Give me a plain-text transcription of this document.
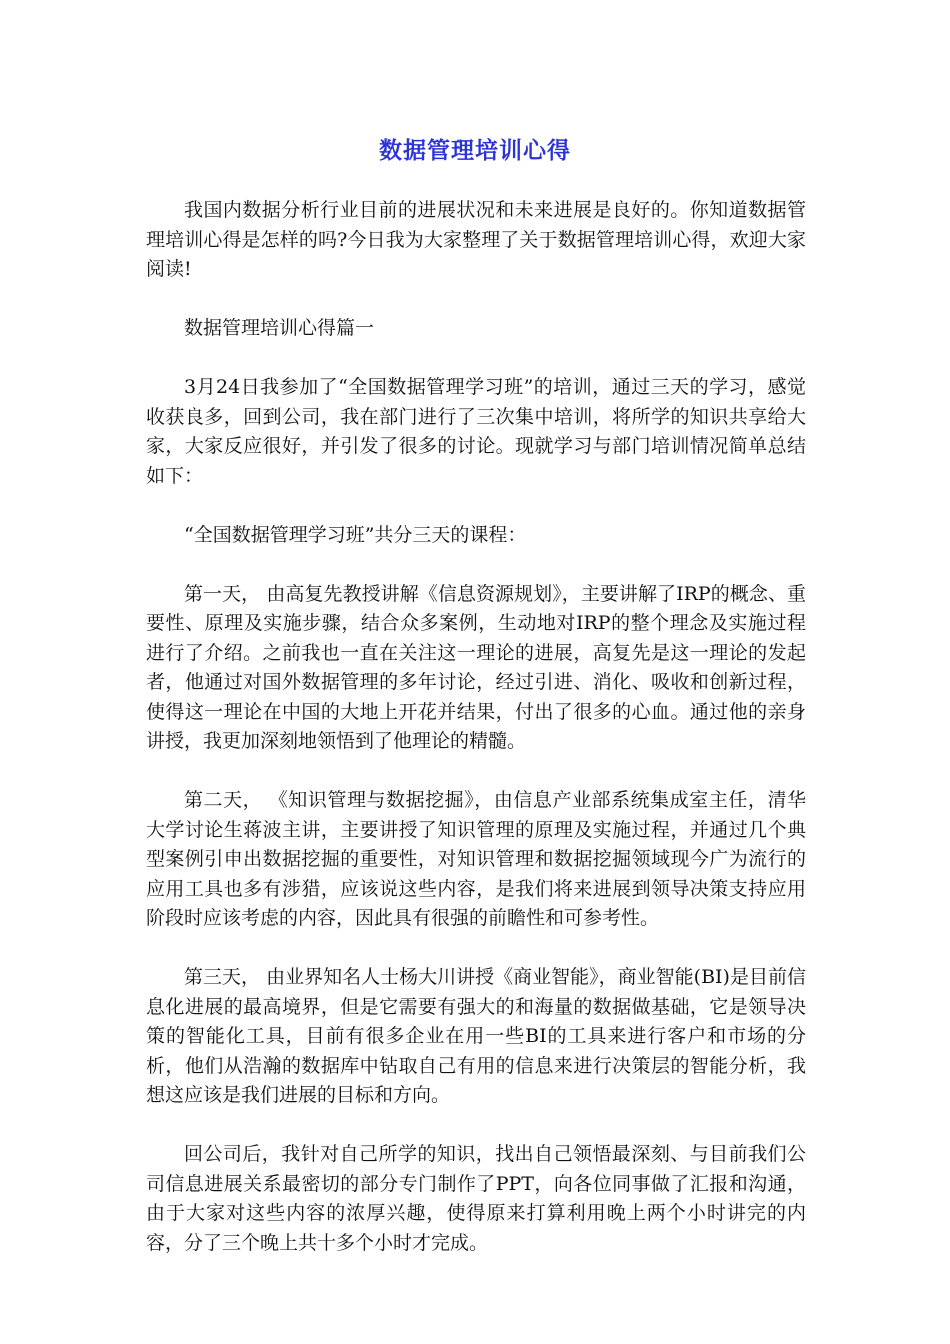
数据管理培训心得

我国内数据分析行业目前的进展状况和未来进展是良好的。你知道数据管理培训心得是怎样的吗?今日我为大家整理了关于数据管理培训心得，欢迎大家阅读!

数据管理培训心得篇一

3月24日我参加了“全国数据管理学习班”的培训，通过三天的学习，感觉收获良多，回到公司，我在部门进行了三次集中培训，将所学的知识共享给大家，大家反应很好，并引发了很多的讨论。现就学习与部门培训情况简单总结如下：

“全国数据管理学习班”共分三天的课程：

第一天， 由高复先教授讲解《信息资源规划》，主要讲解了IRP的概念、重要性、原理及实施步骤，结合众多案例，生动地对IRP的整个理念及实施过程进行了介绍。之前我也一直在关注这一理论的进展，高复先是这一理论的发起者，他通过对国外数据管理的多年讨论，经过引进、消化、吸收和创新过程，使得这一理论在中国的大地上开花并结果，付出了很多的心血。通过他的亲身讲授，我更加深刻地领悟到了他理论的精髓。

第二天， 《知识管理与数据挖掘》，由信息产业部系统集成室主任，清华大学讨论生蒋波主讲，主要讲授了知识管理的原理及实施过程，并通过几个典型案例引申出数据挖掘的重要性，对知识管理和数据挖掘领域现今广为流行的应用工具也多有涉猎，应该说这些内容，是我们将来进展到领导决策支持应用阶段时应该考虑的内容，因此具有很强的前瞻性和可参考性。

第三天， 由业界知名人士杨大川讲授《商业智能》，商业智能(BI)是目前信息化进展的最高境界，但是它需要有强大的和海量的数据做基础，它是领导决策的智能化工具，目前有很多企业在用一些BI的工具来进行客户和市场的分析，他们从浩瀚的数据库中钻取自己有用的信息来进行决策层的智能分析，我想这应该是我们进展的目标和方向。

回公司后，我针对自己所学的知识，找出自己领悟最深刻、与目前我们公司信息进展关系最密切的部分专门制作了PPT，向各位同事做了汇报和沟通，由于大家对这些内容的浓厚兴趣，使得原来打算利用晚上两个小时讲完的内容，分了三个晚上共十多个小时才完成。
